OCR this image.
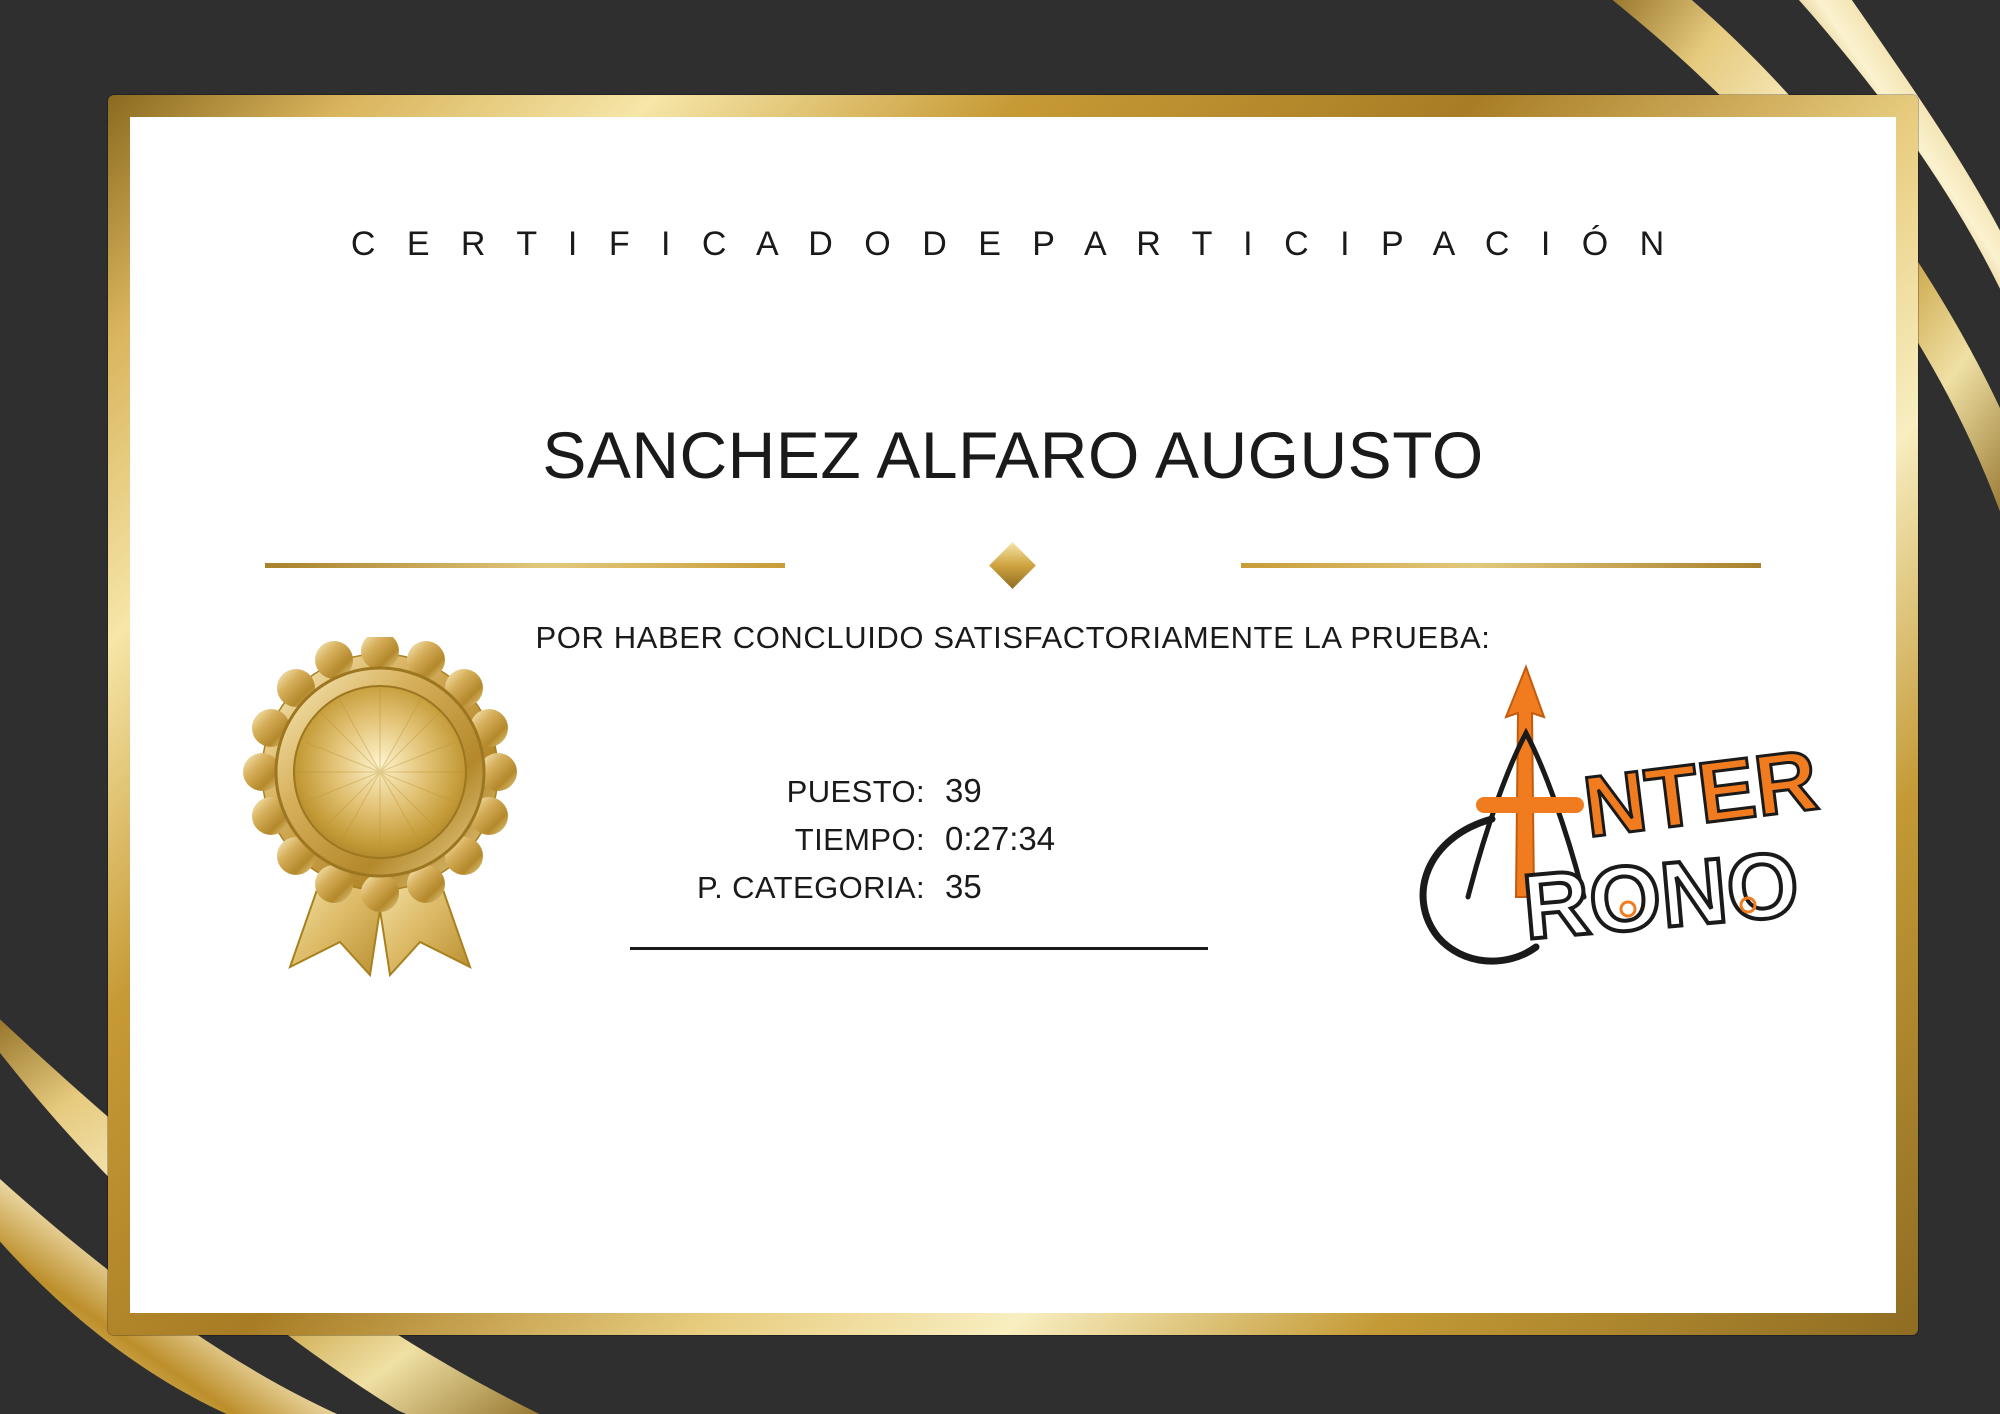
C E R T I F I C A D O D E P A R T I C I P A C I Ó N
SANCHEZ ALFARO AUGUSTO
POR HABER CONCLUIDO SATISFACTORIAMENTE LA PRUEBA:
PUESTO: 39
TIEMPO: 0:27:34
P. CATEGORIA: 35
NTER
RONO
